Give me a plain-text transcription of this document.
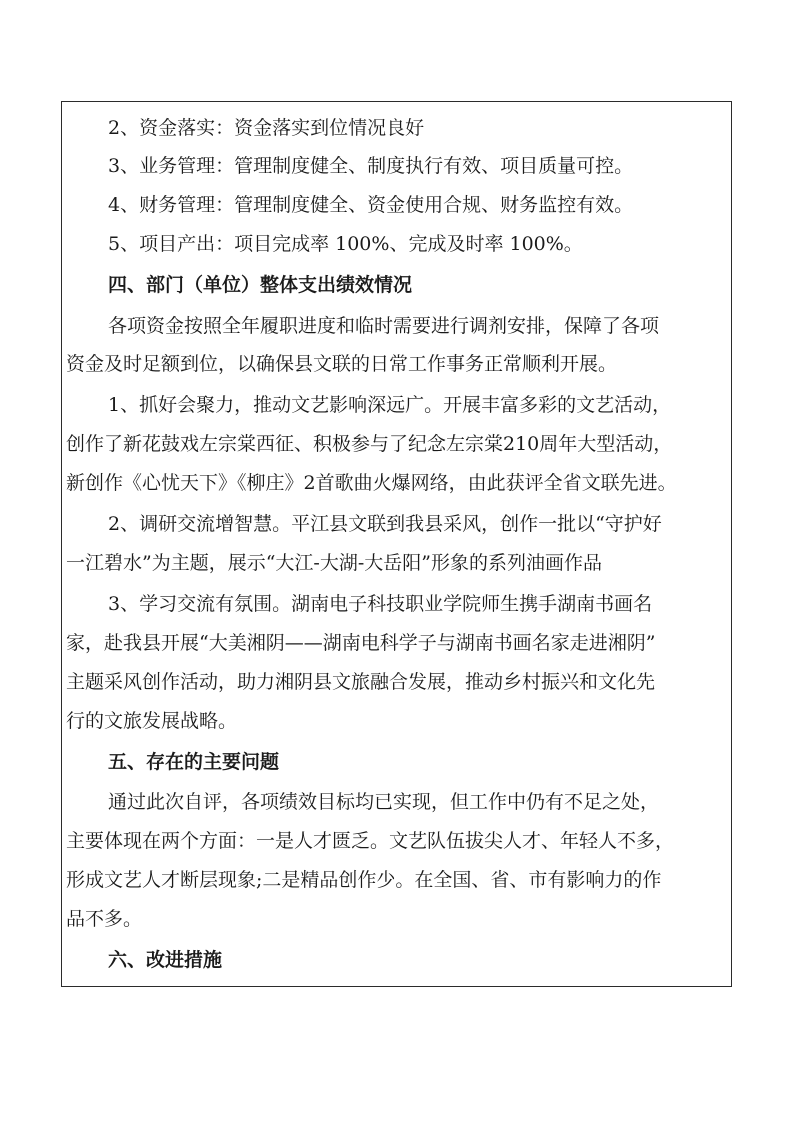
2、资金落实：资金落实到位情况良好
3、业务管理：管理制度健全、制度执行有效、项目质量可控。
4、财务管理：管理制度健全、资金使用合规、财务监控有效。
5、项目产出：项目完成率 100%、完成及时率 100%。
四、部门（单位）整体支出绩效情况
各项资金按照全年履职进度和临时需要进行调剂安排，保障了各项
资金及时足额到位，以确保县文联的日常工作事务正常顺利开展。
1、抓好会聚力，推动文艺影响深远广。开展丰富多彩的文艺活动，
创作了新花鼓戏左宗棠西征、积极参与了纪念左宗棠210周年大型活动，
新创作《心忧天下》《柳庄》2首歌曲火爆网络，由此获评全省文联先进。
2、调研交流增智慧。平江县文联到我县采风，创作一批以“守护好
一江碧水”为主题，展示“大江-大湖-大岳阳”形象的系列油画作品
3、学习交流有氛围。湖南电子科技职业学院师生携手湖南书画名
家，赴我县开展“大美湘阴——湖南电科学子与湖南书画名家走进湘阴”
主题采风创作活动，助力湘阴县文旅融合发展，推动乡村振兴和文化先
行的文旅发展战略。
五、存在的主要问题
通过此次自评，各项绩效目标均已实现，但工作中仍有不足之处，
主要体现在两个方面：一是人才匮乏。文艺队伍拔尖人才、年轻人不多，
形成文艺人才断层现象;二是精品创作少。在全国、省、市有影响力的作
品不多。
六、改进措施
